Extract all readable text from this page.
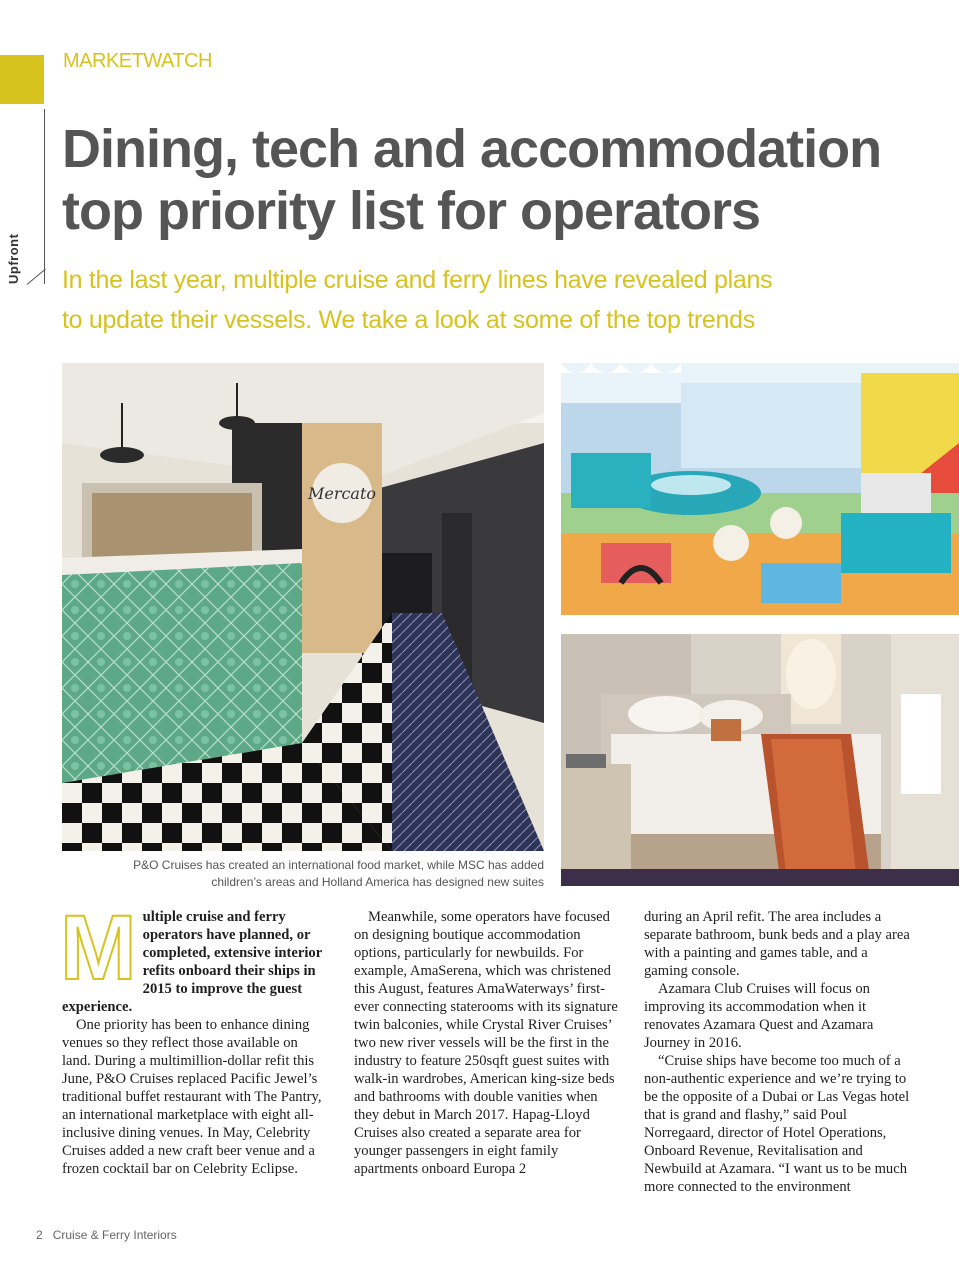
Upfront
MARKETWATCH
Dining, tech and accommodation
top priority list for operators

In the last year, multiple cruise and ferry lines have revealed plans
to update their vessels. We take a look at some of the top trends

Mercato

P&O Cruises has created an international food market, while MSC has added
children’s areas and Holland America has designed new suites

Multiple cruise and ferry operators have planned, or completed, extensive interior refits onboard their ships in 2015 to improve the guest experience.

One priority has been to enhance dining venues so they reflect those available on land. During a multimillion-dollar refit this June, P&O Cruises replaced Pacific Jewel’s traditional buffet restaurant with The Pantry, an international marketplace with eight all-inclusive dining venues. In May, Celebrity Cruises added a new craft beer venue and a frozen cocktail bar on Celebrity Eclipse.

Meanwhile, some operators have focused on designing boutique accommodation options, particularly for newbuilds. For example, AmaSerena, which was christened this August, features AmaWaterways’ first-ever connecting staterooms with its signature twin balconies, while Crystal River Cruises’ two new river vessels will be the first in the industry to feature 250sqft guest suites with walk-in wardrobes, American king-size beds and bathrooms with double vanities when they debut in March 2017. Hapag-Lloyd Cruises also created a separate area for younger passengers in eight family apartments onboard Europa 2

during an April refit. The area includes a separate bathroom, bunk beds and a play area with a painting and games table, and a gaming console.

Azamara Club Cruises will focus on improving its accommodation when it renovates Azamara Quest and Azamara Journey in 2016.

“Cruise ships have become too much of a non-authentic experience and we’re trying to be the opposite of a Dubai or Las Vegas hotel that is grand and flashy,” said Poul Norregaard, director of Hotel Operations, Onboard Revenue, Revitalisation and Newbuild at Azamara. “I want us to be much more connected to the environment

2 Cruise & Ferry Interiors
